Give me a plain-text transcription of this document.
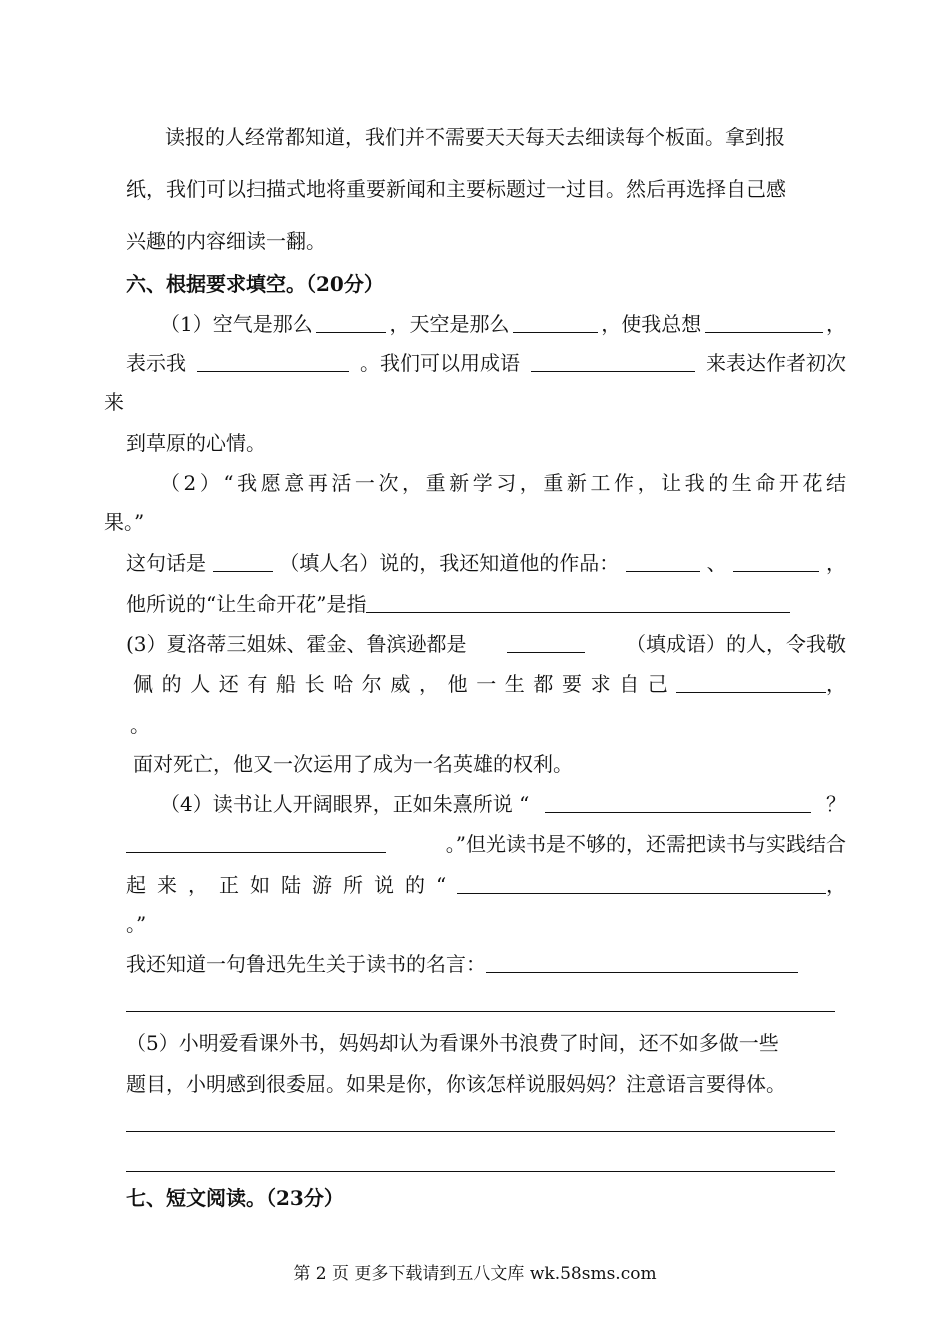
读报的人经常都知道，我们并不需要天天每天去细读每个板面。拿到报
纸，我们可以扫描式地将重要新闻和主要标题过一过目。然后再选择自己感
兴趣的内容细读一翻。
六、根据要求填空。（20分）
（1）空气是那么	，天空是那么	，使我总想	，
表示我	。我们可以用成语	来表达作者初次
来
到草原的心情。
（2）“我愿意再活一次，重新学习，重新工作，让我的生命开花结
果。”
这句话是	（填人名）说的，我还知道他的作品：	、	，
他所说的“让生命开花”是指
(3）夏洛蒂三姐妹、霍金、鲁滨逊都是	（填成语）的人，令我敬
佩的人还有船长哈尔威，他一生都要求自己	，
。
面对死亡，他又一次运用了成为一名英雄的权利。
（4）读书让人开阔眼界，正如朱熹所说 “	？
。”但光读书是不够的，还需把读书与实践结合
起来，正如陆游所说的“	，
。”
我还知道一句鲁迅先生关于读书的名言：
（5）小明爱看课外书，妈妈却认为看课外书浪费了时间，还不如多做一些
题目，小明感到很委屈。如果是你，你该怎样说服妈妈？注意语言要得体。
七、短文阅读。（23分）
第 2 页 更多下载请到五八文库 wk.58sms.com
